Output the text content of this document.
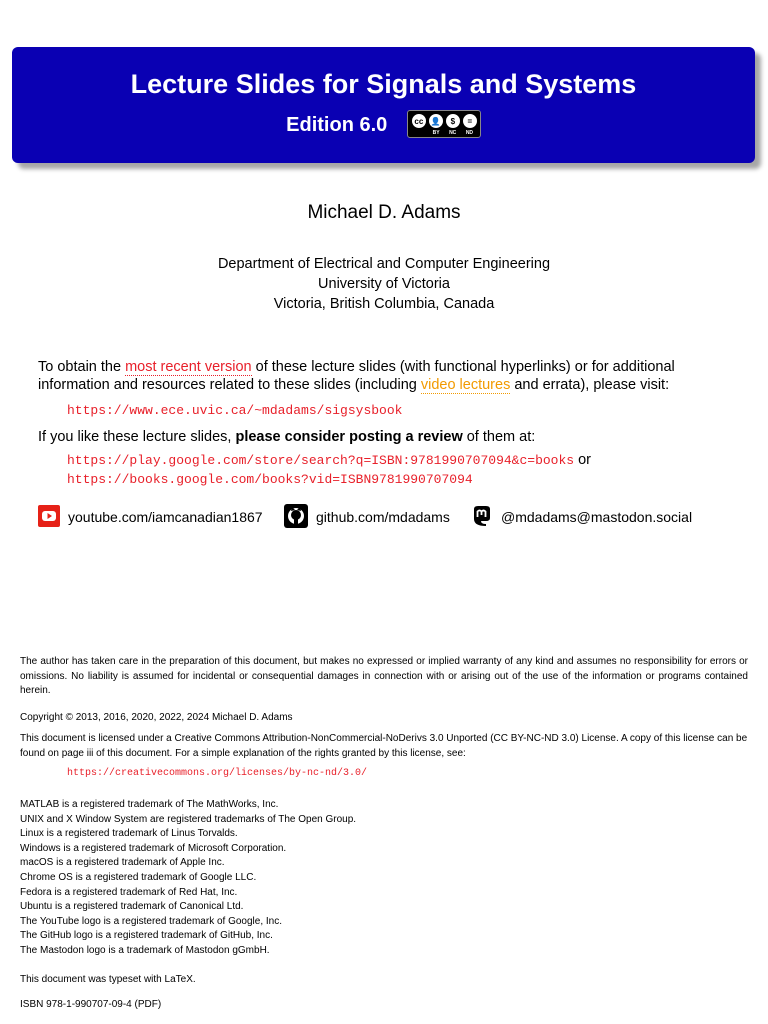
Lecture Slides for Signals and Systems
Edition 6.0	cc 👤	$	=
BY NC ND
Michael D. Adams
Department of Electrical and Computer Engineering
University of Victoria
Victoria, British Columbia, Canada
To obtain the most recent version of these lecture slides (with functional hyperlinks) or for additional information and resources related to these slides (including video lectures and errata), please visit:
https://www.ece.uvic.ca/~mdadams/sigsysbook
If you like these lecture slides, please consider posting a review of them at:
https://play.google.com/store/search?q=ISBN:9781990707094&c=books or
https://books.google.com/books?vid=ISBN9781990707094
youtube.com/iamcanadian1867	github.com/mdadams	@mdadams@mastodon.social
The author has taken care in the preparation of this document, but makes no expressed or implied warranty of any kind and assumes no responsibility for errors or omissions. No liability is assumed for incidental or consequential damages in connection with or arising out of the use of the information or programs contained herein.
Copyright © 2013, 2016, 2020, 2022, 2024 Michael D. Adams
This document is licensed under a Creative Commons Attribution-NonCommercial-NoDerivs 3.0 Unported (CC BY-NC-ND 3.0) License. A copy of this license can be found on page iii of this document. For a simple explanation of the rights granted by this license, see:
https://creativecommons.org/licenses/by-nc-nd/3.0/
MATLAB is a registered trademark of The MathWorks, Inc.
UNIX and X Window System are registered trademarks of The Open Group.
Linux is a registered trademark of Linus Torvalds.
Windows is a registered trademark of Microsoft Corporation.
macOS is a registered trademark of Apple Inc.
Chrome OS is a registered trademark of Google LLC.
Fedora is a registered trademark of Red Hat, Inc.
Ubuntu is a registered trademark of Canonical Ltd.
The YouTube logo is a registered trademark of Google, Inc.
The GitHub logo is a registered trademark of GitHub, Inc.
The Mastodon logo is a trademark of Mastodon gGmbH.
This document was typeset with LaTeX.
ISBN 978-1-990707-09-4 (PDF)
